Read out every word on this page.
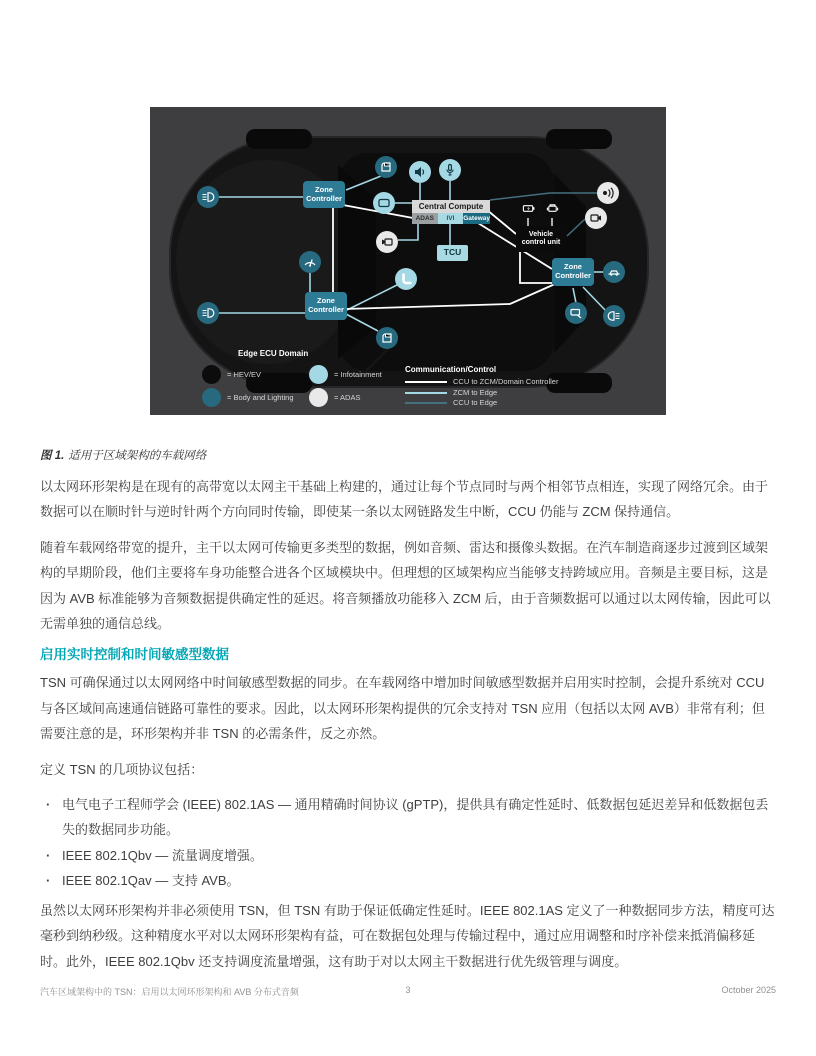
Zone Controller
Zone Controller
Zone Controller
Central Compute
ADAS	IVI	Gateway
TCU
Vehicle control unit
Edge ECU Domain
= HEV/EV	= Infotainment
= Body and Lighting	= ADAS
Communication/Control
CCU to ZCM/Domain Controller
ZCM to Edge
CCU to Edge

图 1. 适用于区域架构的车载网络

以太网环形架构是在现有的高带宽以太网主干基础上构建的，通过让每个节点同时与两个相邻节点相连，实现了网络冗余。由于数据可以在顺时针与逆时针两个方向同时传输，即使某一条以太网链路发生中断，CCU 仍能与 ZCM 保持通信。

随着车载网络带宽的提升，主干以太网可传输更多类型的数据，例如音频、雷达和摄像头数据。在汽车制造商逐步过渡到区域架构的早期阶段，他们主要将车身功能整合进各个区域模块中。但理想的区域架构应当能够支持跨域应用。音频是主要目标，这是因为 AVB 标准能够为音频数据提供确定性的延迟。将音频播放功能移入 ZCM 后，由于音频数据可以通过以太网传输，因此可以无需单独的通信总线。

启用实时控制和时间敏感型数据

TSN 可确保通过以太网网络中时间敏感型数据的同步。在车载网络中增加时间敏感型数据并启用实时控制，会提升系统对 CCU 与各区域间高速通信链路可靠性的要求。因此，以太网环形架构提供的冗余支持对 TSN 应用（包括以太网 AVB）非常有利；但需要注意的是，环形架构并非 TSN 的必需条件，反之亦然。

定义 TSN 的几项协议包括：

· 电气电子工程师学会 (IEEE) 802.1AS — 通用精确时间协议 (gPTP)，提供具有确定性延时、低数据包延迟差异和低数据包丢失的数据同步功能。
· IEEE 802.1Qbv — 流量调度增强。
· IEEE 802.1Qav — 支持 AVB。

虽然以太网环形架构并非必须使用 TSN，但 TSN 有助于保证低确定性延时。IEEE 802.1AS 定义了一种数据同步方法，精度可达毫秒到纳秒级。这种精度水平对以太网环形架构有益，可在数据包处理与传输过程中，通过应用调整和时序补偿来抵消偏移延时。此外，IEEE 802.1Qbv 还支持调度流量增强，这有助于对以太网主干数据进行优先级管理与调度。

汽车区域架构中的 TSN：启用以太网环形架构和 AVB 分布式音频	3	October 2025
